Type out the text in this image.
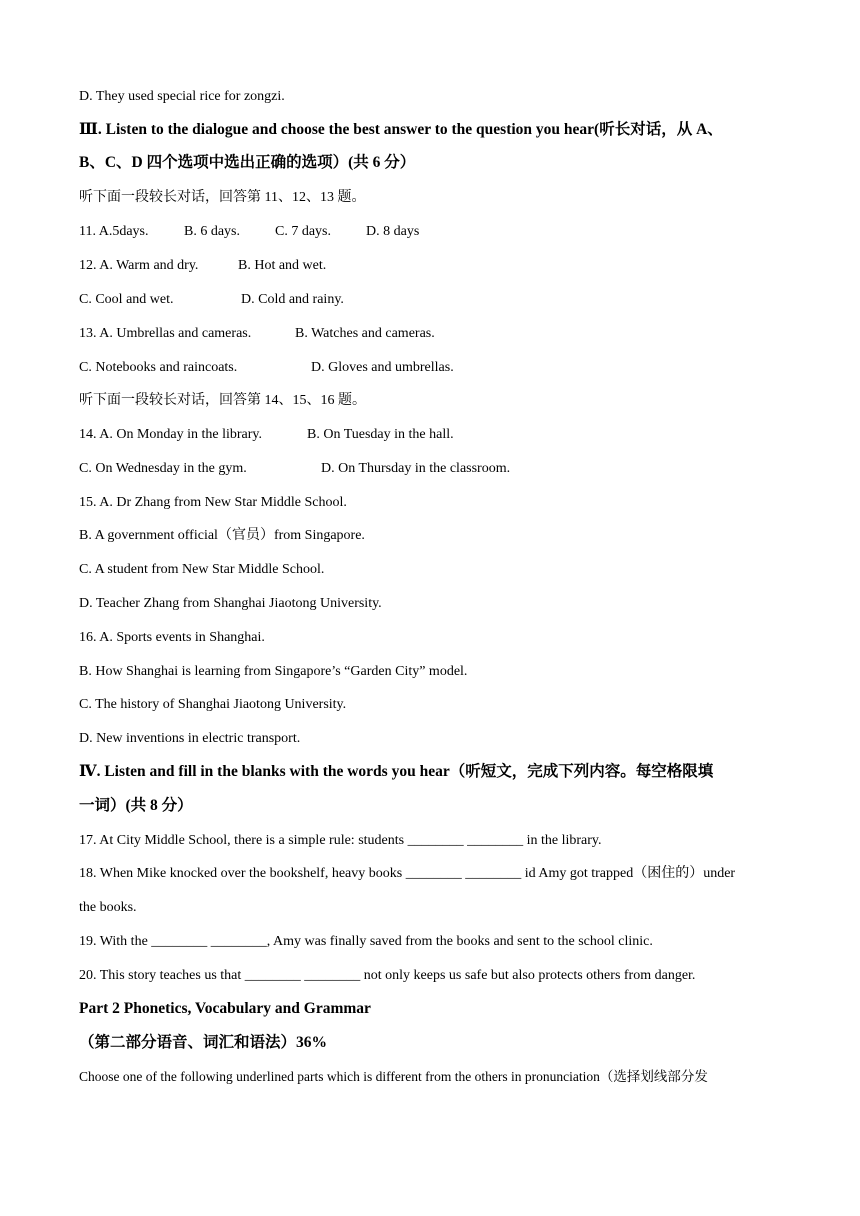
D. They used special rice for zongzi.
Ⅲ. Listen to the dialogue and choose the best answer to the question you hear(听长对话，从 A、
B、C、D 四个选项中选出正确的选项）(共 6 分）
听下面一段较长对话，回答第 11、12、13 题。
11. A.5days.	B. 6 days.	C. 7 days.	D. 8 days
12. A. Warm and dry.	B. Hot and wet.
C. Cool and wet.	D. Cold and rainy.
13. A. Umbrellas and cameras.	B. Watches and cameras.
C. Notebooks and raincoats.	D. Gloves and umbrellas.
听下面一段较长对话，回答第 14、15、16 题。
14. A. On Monday in the library.	B. On Tuesday in the hall.
C. On Wednesday in the gym.	D. On Thursday in the classroom.
15. A. Dr Zhang from New Star Middle School.
B. A government official（官员）from Singapore.
C. A student from New Star Middle School.
D. Teacher Zhang from Shanghai Jiaotong University.
16. A. Sports events in Shanghai.
B. How Shanghai is learning from Singapore’s “Garden City” model.
C. The history of Shanghai Jiaotong University.
D. New inventions in electric transport.
Ⅳ. Listen and fill in the blanks with the words you hear（听短文，完成下列内容。每空格限填
一词）(共 8 分）
17. At City Middle School, there is a simple rule: students ________ ________ in the library.
18. When Mike knocked over the bookshelf, heavy books ________ ________ id Amy got trapped（困住的）under
the books.
19. With the ________ ________, Amy was finally saved from the books and sent to the school clinic.
20. This story teaches us that ________ ________ not only keeps us safe but also protects others from danger.
Part 2 Phonetics, Vocabulary and Grammar
（第二部分语音、词汇和语法）36%
Choose one of the following underlined parts which is different from the others in pronunciation（选择划线部分发
